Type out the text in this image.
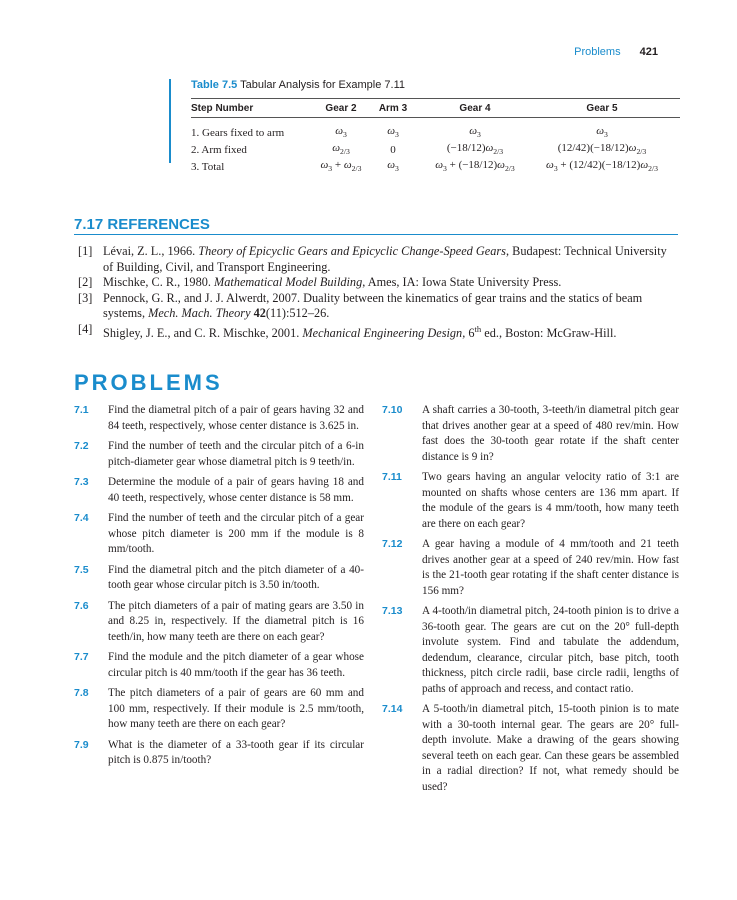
Problems 421
Table 7.5 Tabular Analysis for Example 7.11
Step Number	Gear 2	Arm 3	Gear 4	Gear 5
1. Gears fixed to arm	$\omega_3$	$\omega_3$	$\omega_3$	$\omega_3$
2. Arm fixed	$\omega_{2/3}$	0	$(-18/12)\omega_{2/3}$	$(12/42)(-18/12)\omega_{2/3}$
3. Total	$\omega_3 + \omega_{2/3}$	$\omega_3$	$\omega_3 + (-18/12)\omega_{2/3}$	$\omega_3 + (12/42)(-18/12)\omega_{2/3}$
7.17 REFERENCES
[1] Lévai, Z. L., 1966. Theory of Epicyclic Gears and Epicyclic Change-Speed Gears, Budapest: Technical University of Building, Civil, and Transport Engineering.
[2] Mischke, C. R., 1980. Mathematical Model Building, Ames, IA: Iowa State University Press.
[3] Pennock, G. R., and J. J. Alwerdt, 2007. Duality between the kinematics of gear trains and the statics of beam systems, Mech. Mach. Theory 42(11):512–26.
[4] Shigley, J. E., and C. R. Mischke, 2001. Mechanical Engineering Design, 6th ed., Boston: McGraw-Hill.
PROBLEMS
7.1 Find the diametral pitch of a pair of gears having 32 and 84 teeth, respectively, whose center distance is 3.625 in.
7.2 Find the number of teeth and the circular pitch of a 6-in pitch-diameter gear whose diametral pitch is 9 teeth/in.
7.3 Determine the module of a pair of gears having 18 and 40 teeth, respectively, whose center distance is 58 mm.
7.4 Find the number of teeth and the circular pitch of a gear whose pitch diameter is 200 mm if the module is 8 mm/tooth.
7.5 Find the diametral pitch and the pitch diameter of a 40-tooth gear whose circular pitch is 3.50 in/tooth.
7.6 The pitch diameters of a pair of mating gears are 3.50 in and 8.25 in, respectively. If the diametral pitch is 16 teeth/in, how many teeth are there on each gear?
7.7 Find the module and the pitch diameter of a gear whose circular pitch is 40 mm/tooth if the gear has 36 teeth.
7.8 The pitch diameters of a pair of gears are 60 mm and 100 mm, respectively. If their module is 2.5 mm/tooth, how many teeth are there on each gear?
7.9 What is the diameter of a 33-tooth gear if its circular pitch is 0.875 in/tooth?
7.10 A shaft carries a 30-tooth, 3-teeth/in diametral pitch gear that drives another gear at a speed of 480 rev/min. How fast does the 30-tooth gear rotate if the shaft center distance is 9 in?
7.11 Two gears having an angular velocity ratio of 3:1 are mounted on shafts whose centers are 136 mm apart. If the module of the gears is 4 mm/tooth, how many teeth are there on each gear?
7.12 A gear having a module of 4 mm/tooth and 21 teeth drives another gear at a speed of 240 rev/min. How fast is the 21-tooth gear rotating if the shaft center distance is 156 mm?
7.13 A 4-tooth/in diametral pitch, 24-tooth pinion is to drive a 36-tooth gear. The gears are cut on the 20° full-depth involute system. Find and tabulate the addendum, dedendum, clearance, circular pitch, base pitch, tooth thickness, pitch circle radii, base circle radii, lengths of paths of approach and recess, and contact ratio.
7.14 A 5-tooth/in diametral pitch, 15-tooth pinion is to mate with a 30-tooth internal gear. The gears are 20° full-depth involute. Make a drawing of the gears showing several teeth on each gear. Can these gears be assembled in a radial direction? If not, what remedy should be used?
